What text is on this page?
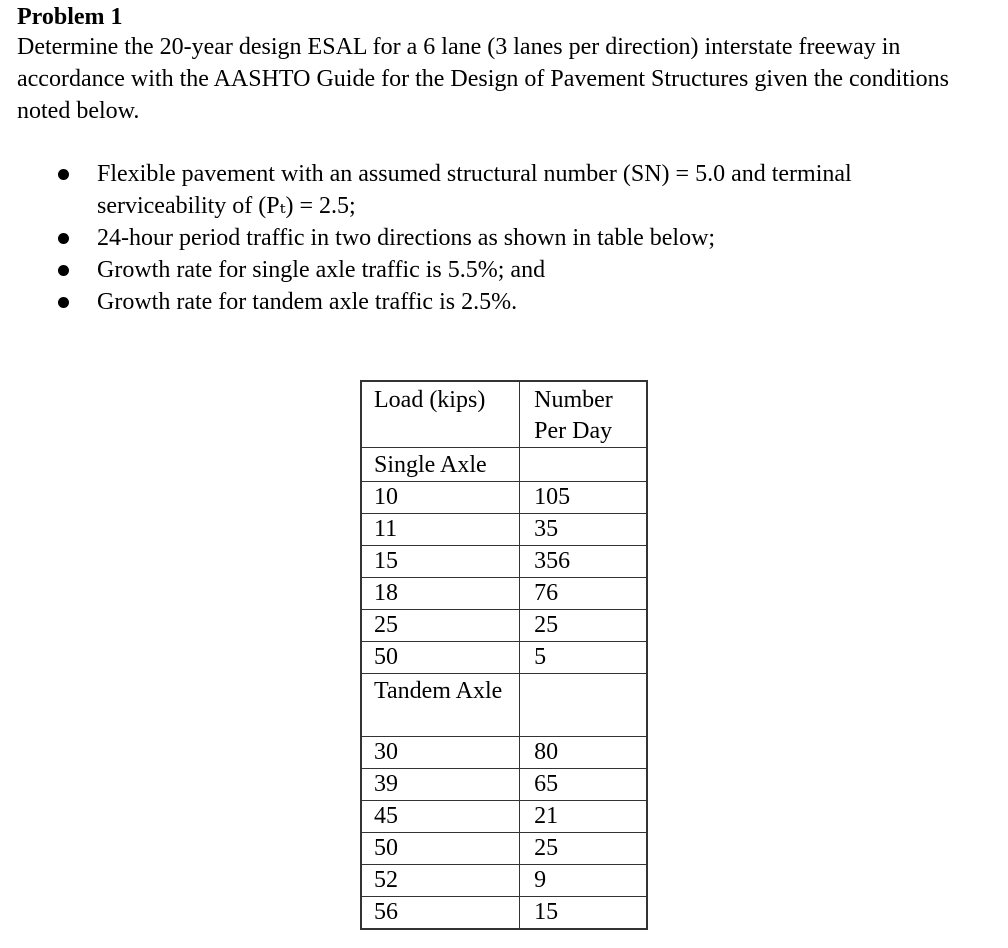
Problem 1
Determine the 20-year design ESAL for a 6 lane (3 lanes per direction) interstate freeway in accordance with the AASHTO Guide for the Design of Pavement Structures given the conditions noted below.
Flexible pavement with an assumed structural number (SN) = 5.0 and terminal serviceability of (Pₜ) = 2.5;
24-hour period traffic in two directions as shown in table below;
Growth rate for single axle traffic is 5.5%; and
Growth rate for tandem axle traffic is 2.5%.
Load (kips)	Number Per Day
Single Axle	
10	105
11	35
15	356
18	76
25	25
50	5
Tandem Axle	
30	80
39	65
45	21
50	25
52	9
56	15
